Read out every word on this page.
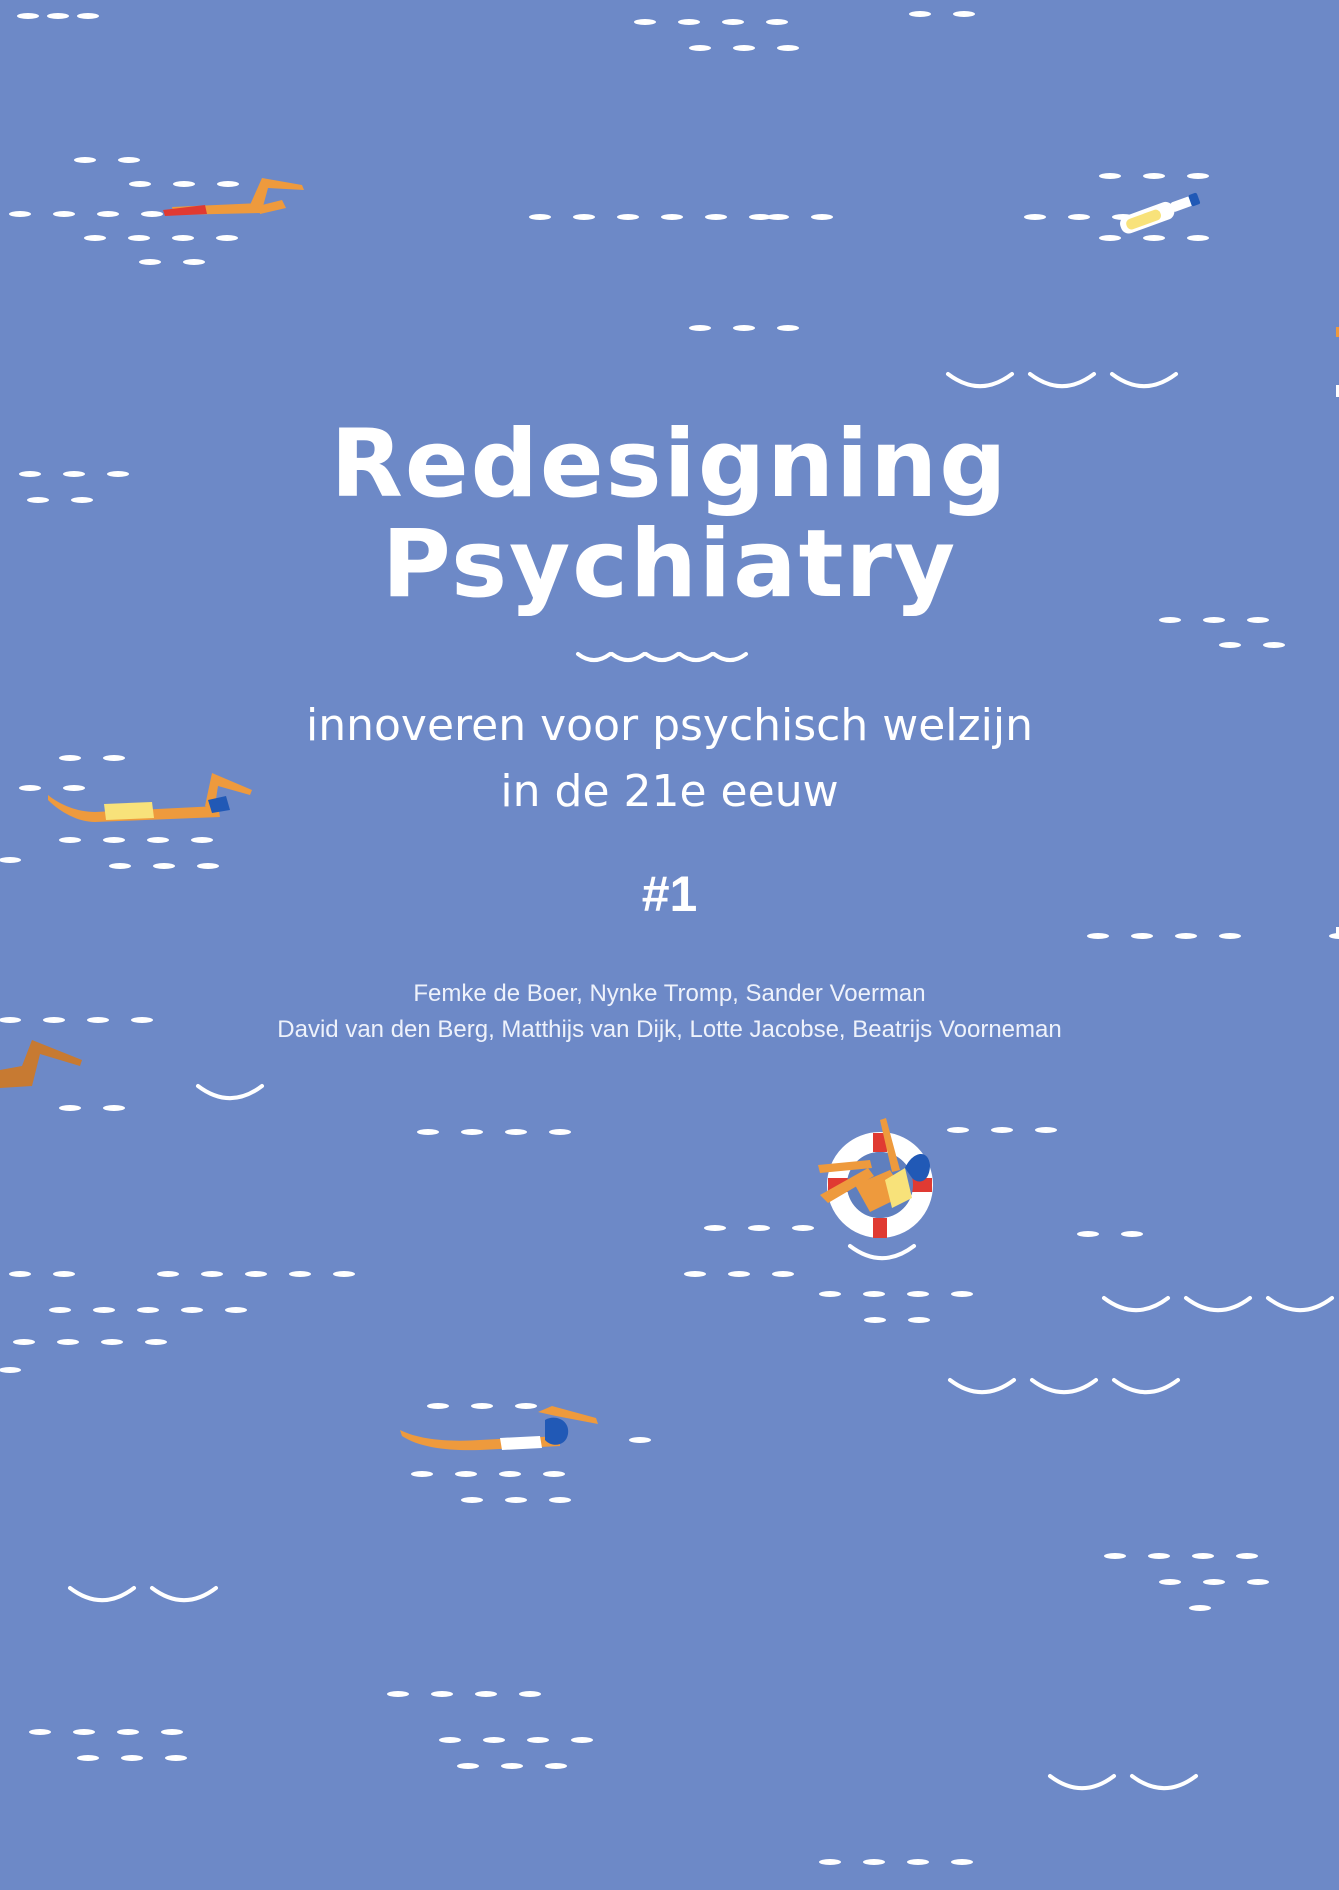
Redesigning
Psychiatry
innoveren voor psychisch welzijn
in de 21e eeuw
#1
Femke de Boer, Nynke Tromp, Sander Voerman
David van den Berg, Matthijs van Dijk, Lotte Jacobse, Beatrijs Voorneman
